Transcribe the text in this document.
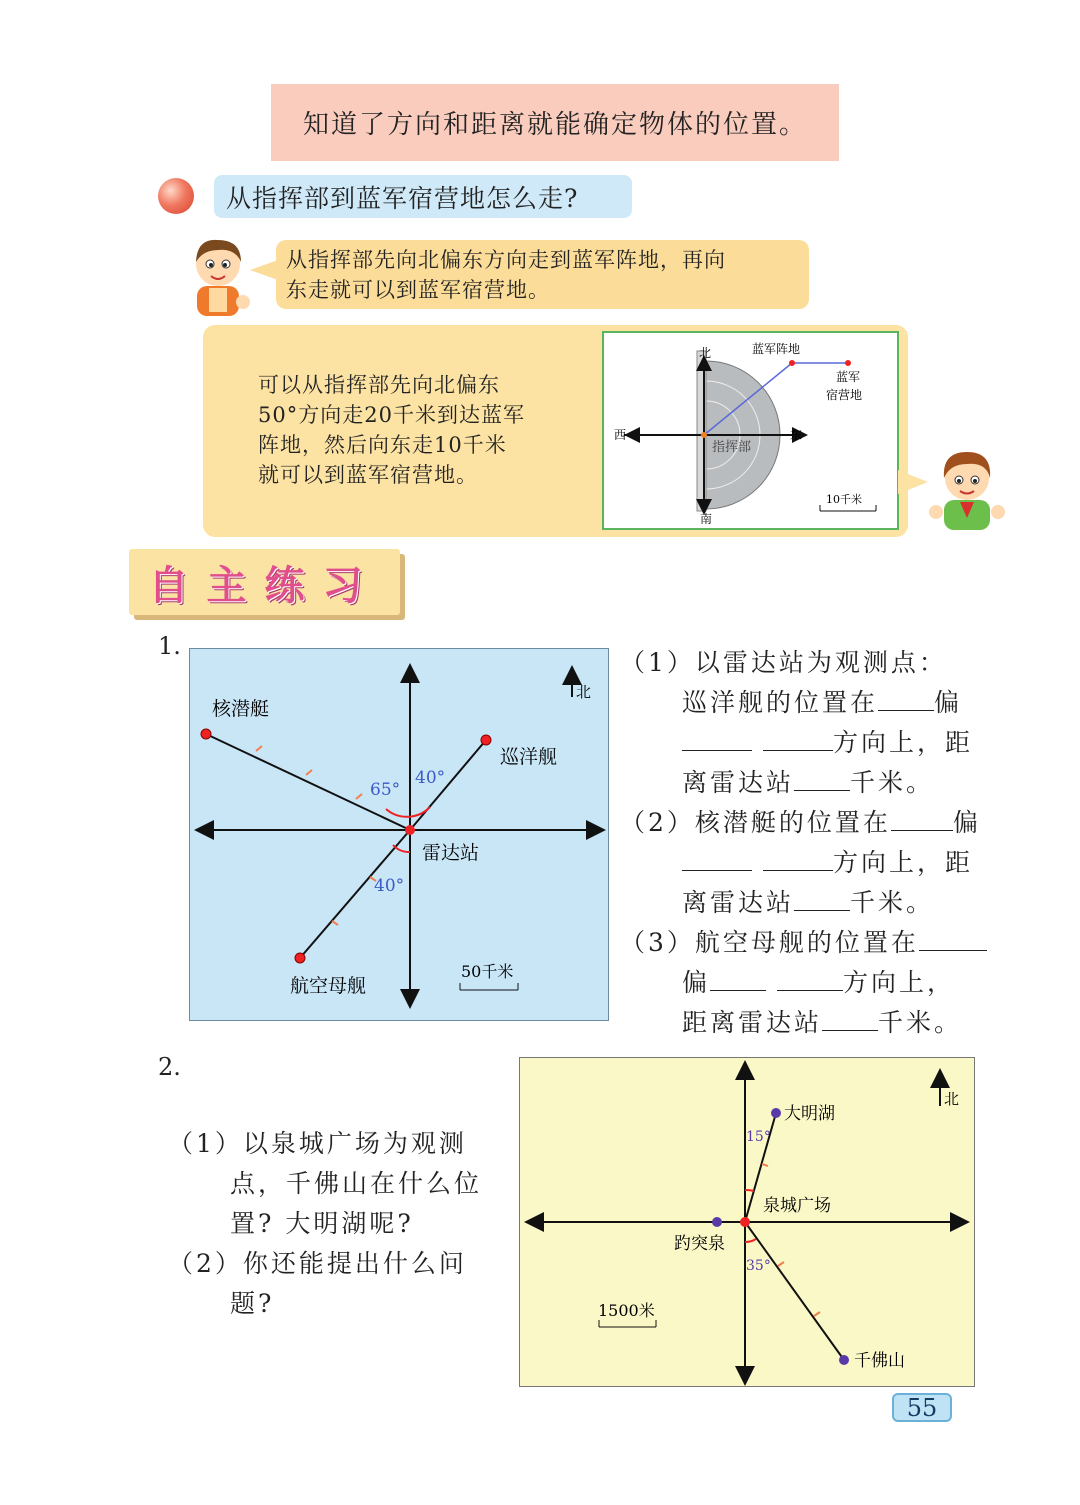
知道了方向和距离就能确定物体的位置。
从指挥部到蓝军宿营地怎么走?
从指挥部先向北偏东方向走到蓝军阵地，再向
东走就可以到蓝军宿营地。
可以从指挥部先向北偏东
50°方向走20千米到达蓝军
阵地，然后向东走10千米
就可以到蓝军宿营地。
北
南
东
西
蓝军阵地
蓝军
宿营地
指挥部
10千米
自主练习
1.
北
核潜艇
巡洋舰
雷达站
航空母舰
65°
40°
40°
50千米
（1）以雷达站为观测点：
巡洋舰的位置在 偏
方向上，距
离雷达站 千米。
（2）核潜艇的位置在 偏
方向上，距
离雷达站 千米。
（3）航空母舰的位置在
偏	方向上，
距离雷达站 千米。
2.
（1）以泉城广场为观测
点，千佛山在什么位
置? 大明湖呢?
（2）你还能提出什么问
题?
北
大明湖
泉城广场
趵突泉
千佛山
15°
35°
1500米
55
